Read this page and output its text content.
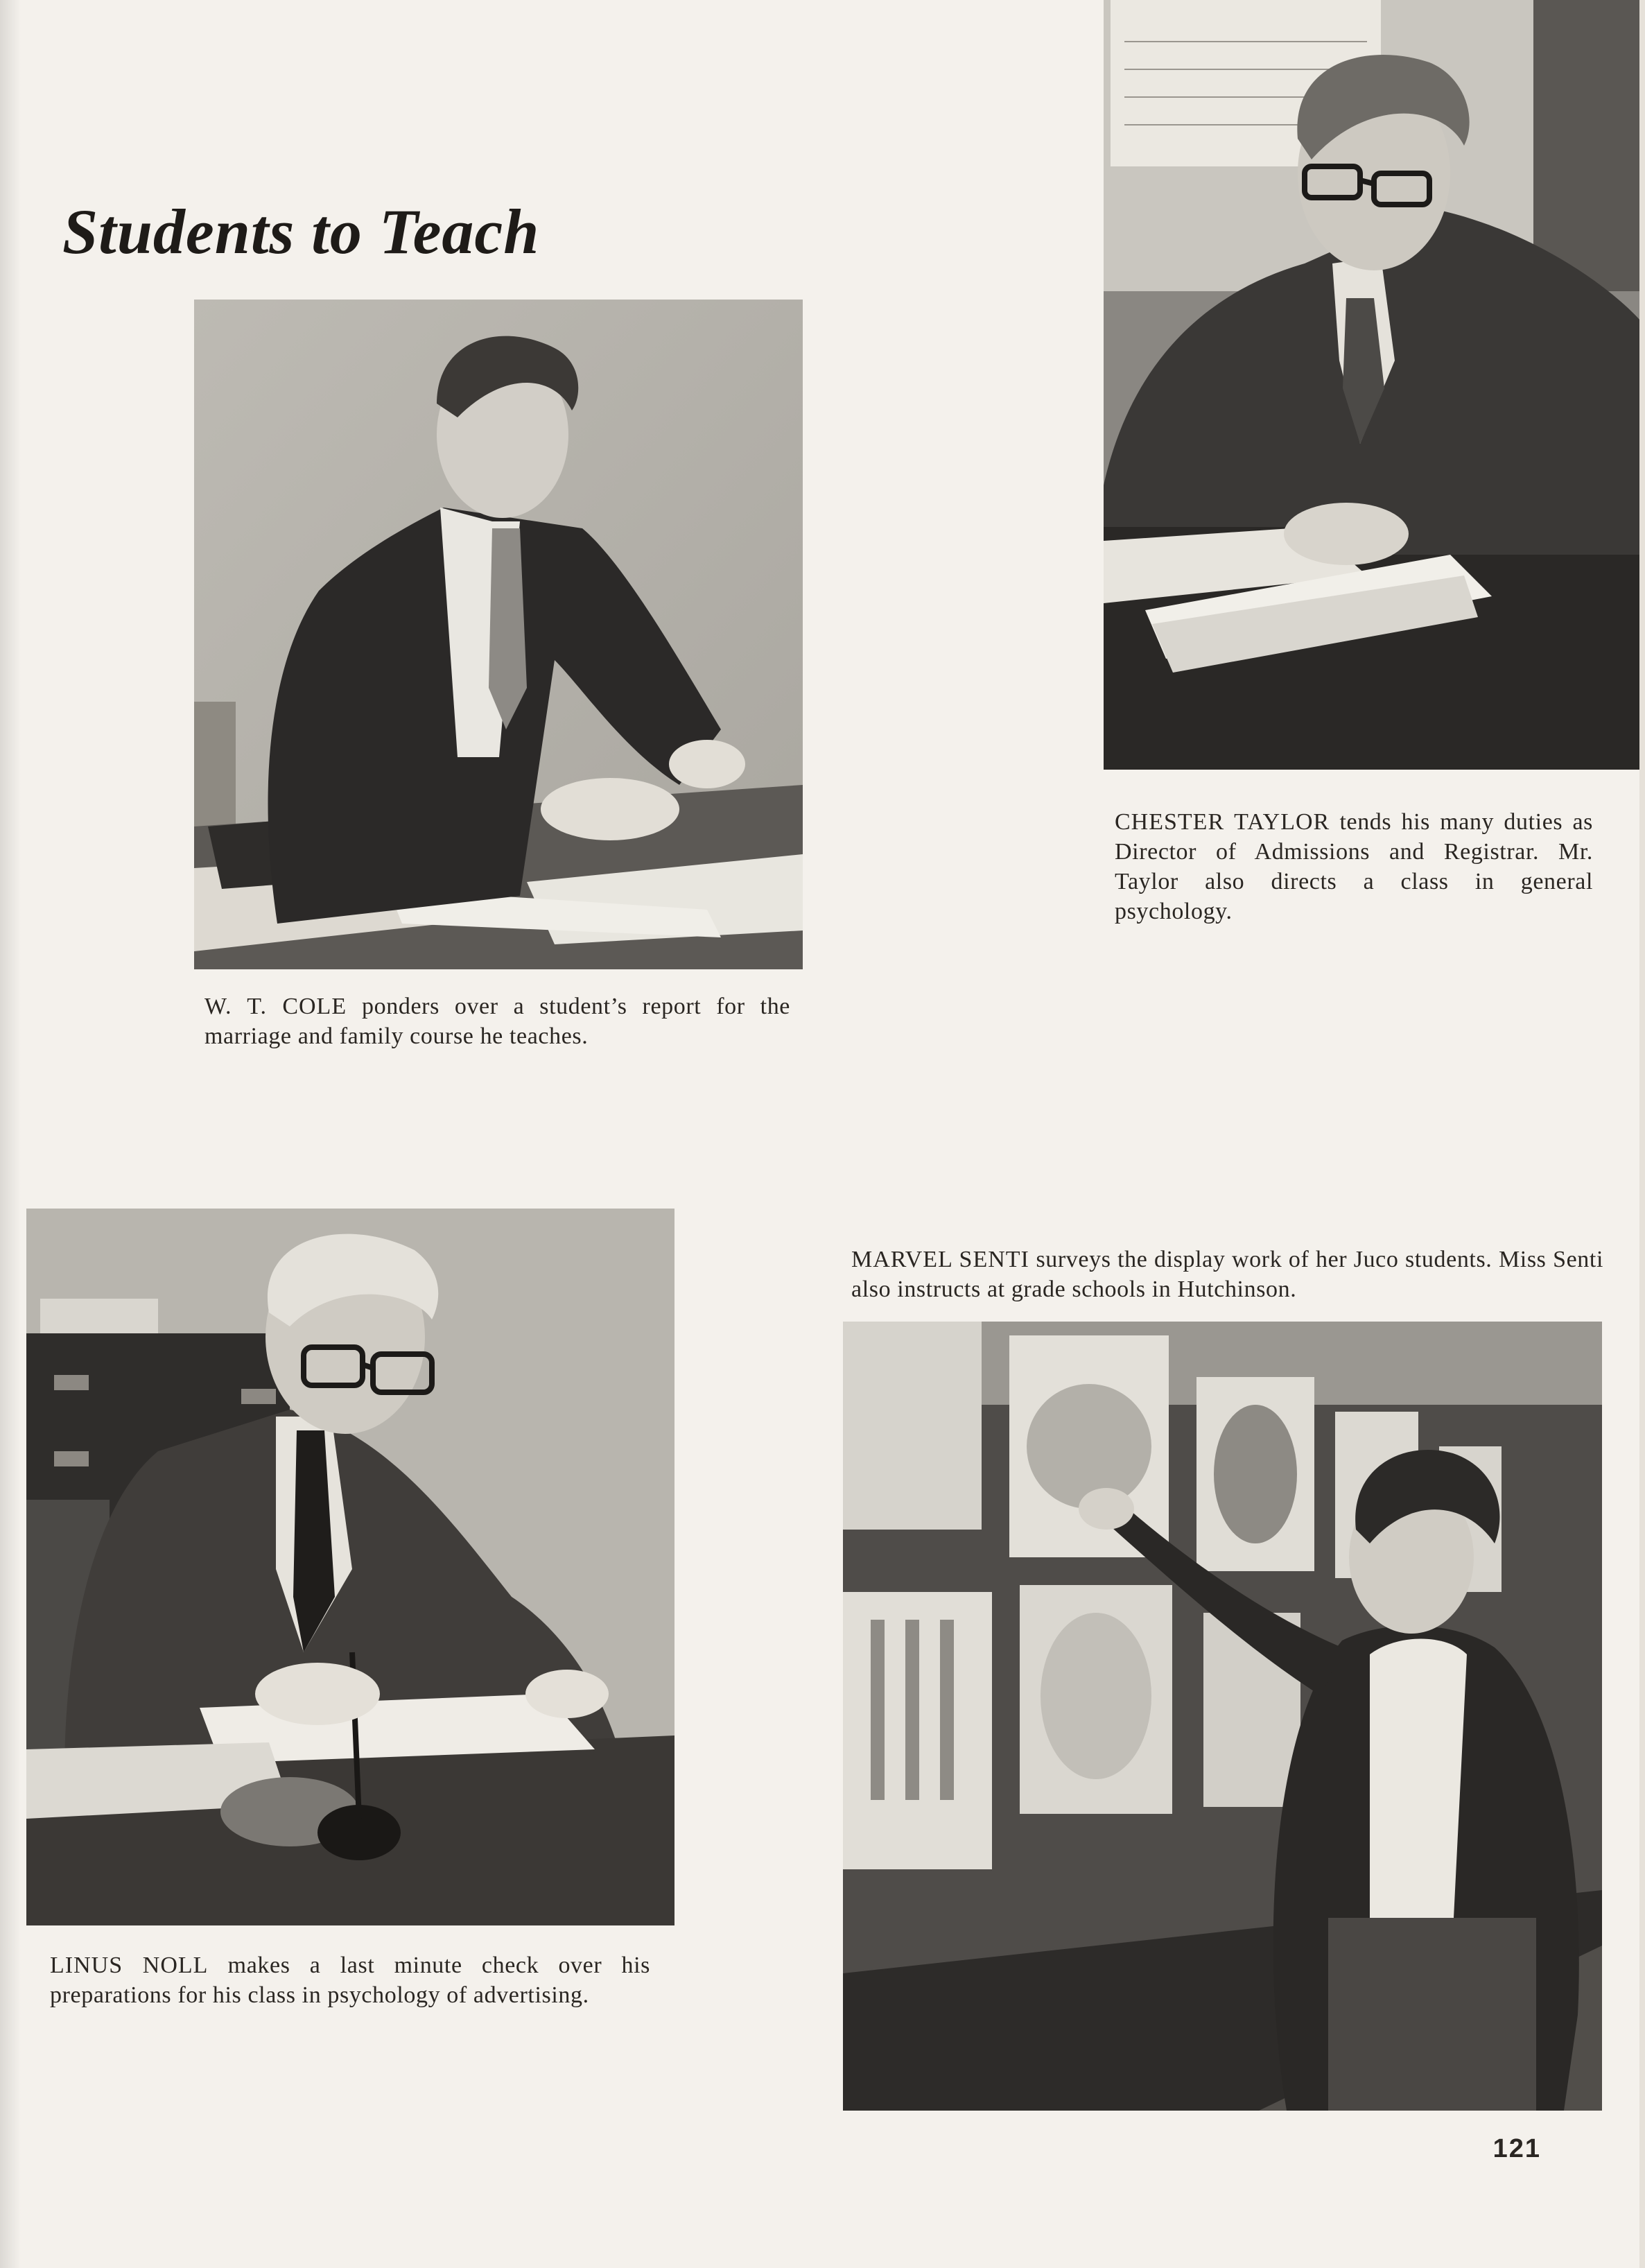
Students to Teach

W. T. COLE ponders over a student’s report for the marriage and family course he teaches.

CHESTER TAYLOR tends his many duties as Director of Admissions and Registrar. Mr. Taylor also directs a class in general psychology.

LINUS NOLL makes a last minute check over his preparations for his class in psychology of advertising.

MARVEL SENTI surveys the display work of her Juco students. Miss Senti also instructs at grade schools in Hutchinson.

121
